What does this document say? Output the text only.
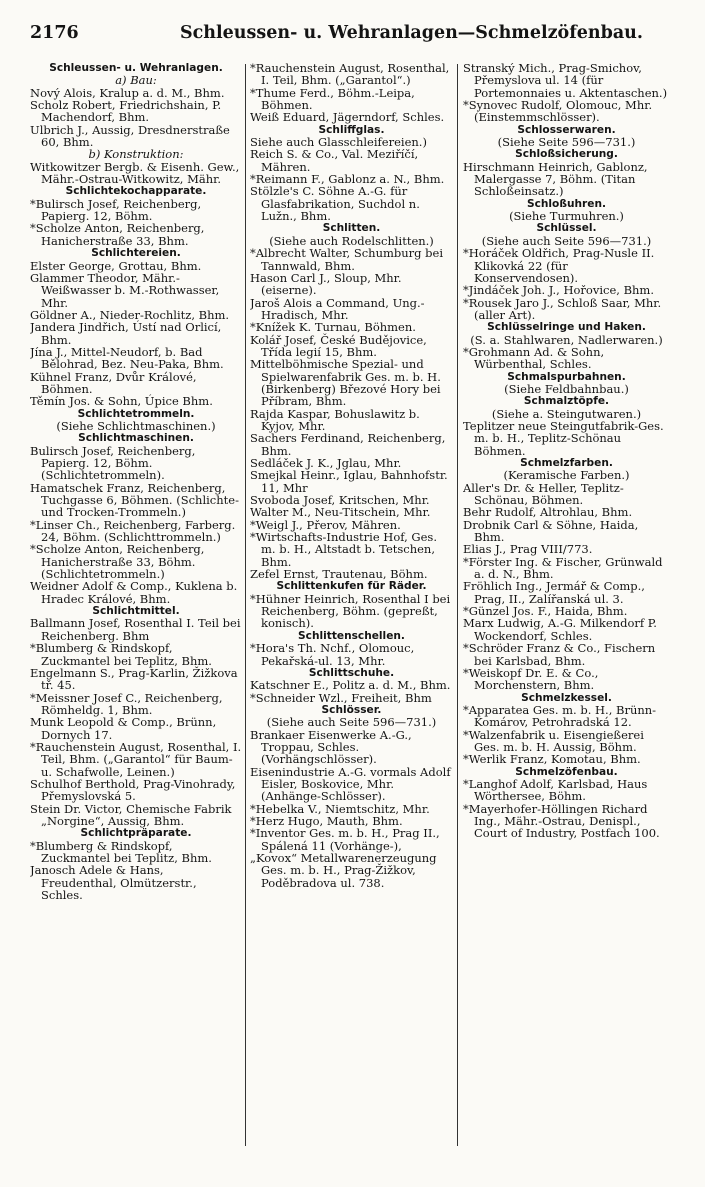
2176	Schleussen- u. Wehranlagen—Schmelzöfenbau.
Schleussen- u. Wehranlagen.
a) Bau:
Nový Alois, Kralup a. d. M., Bhm.
Scholz Robert, Friedrichshain, P. Machendorf, Bhm.
Ulbrich J., Aussig, Dresdnerstraße 60, Bhm.
b) Konstruktion:
Witkowitzer Bergb. & Eisenh. Gew., Mähr.-Ostrau-Witkowitz, Mähr.
Schlichtekochapparate.
*Bulirsch Josef, Reichenberg, Papierg. 12, Böhm.
*Scholze Anton, Reichenberg, Hanicherstraße 33, Bhm.
Schlichtereien.
Elster George, Grottau, Bhm.
Glammer Theodor, Mähr.-Weißwasser b. M.-Rothwasser, Mhr.
Göldner A., Nieder-Rochlitz, Bhm.
Jandera Jindřich, Ústí nad Orlicí, Bhm.
Jína J., Mittel-Neudorf, b. Bad Bělohrad, Bez. Neu-Paka, Bhm.
Kühnel Franz, Dvůr Králové, Böhmen.
Těmín Jos. & Sohn, Úpice Bhm.
Schlichtetrommeln.
(Siehe Schlichtmaschinen.)
Schlichtmaschinen.
Bulirsch Josef, Reichenberg, Papierg. 12, Böhm. (Schlichtetrommeln).
Hamatschek Franz, Reichenberg, Tuchgasse 6, Böhmen. (Schlichte- und Trocken-Trommeln.)
*Linser Ch., Reichenberg, Farberg. 24, Böhm. (Schlichttrommeln.)
*Scholze Anton, Reichenberg, Hanicherstraße 33, Böhm. (Schlichtetrommeln.)
Weidner Adolf & Comp., Kuklena b. Hradec Králové, Bhm.
Schlichtmittel.
Ballmann Josef, Rosenthal I. Teil bei Reichenberg. Bhm
*Blumberg & Rindskopf, Zuckmantel bei Teplitz, Bhm.
Engelmann S., Prag-Karlin, Žižkova tř. 45.
*Meissner Josef C., Reichenberg, Römheldg. 1, Bhm.
Munk Leopold & Comp., Brünn, Dornych 17.
*Rauchenstein August, Rosenthal, I. Teil, Bhm. („Garantol“ für Baum- u. Schafwolle, Leinen.)
Schulhof Berthold, Prag-Vinohrady, Přemyslovská 5.
Stein Dr. Victor, Chemische Fabrik „Norgine“, Aussig, Bhm.
Schlichtpräparate.
*Blumberg & Rindskopf, Zuckmantel bei Teplitz, Bhm.
Janosch Adele & Hans, Freudenthal, Olmützerstr., Schles.
*Rauchenstein August, Rosenthal, I. Teil, Bhm. („Garantol“.)
*Thume Ferd., Böhm.-Leipa, Böhmen.
Weiß Eduard, Jägerndorf, Schles.
Schliffglas.
Siehe auch Glasschleifereien.)
Reich S. & Co., Val. Meziříčí, Mähren.
*Reimann F., Gablonz a. N., Bhm.
Stölzle's C. Söhne A.-G. für Glasfabrikation, Suchdol n. Lužn., Bhm.
Schlitten.
(Siehe auch Rodelschlitten.)
*Albrecht Walter, Schumburg bei Tannwald, Bhm.
Hason Carl J., Sloup, Mhr. (eiserne).
Jaroš Alois a Command, Ung.-Hradisch, Mhr.
*Knížek K. Turnau, Böhmen.
Kolář Josef, České Budějovice, Třída legií 15, Bhm.
Mittelböhmische Spezial- und Spielwarenfabrik Ges. m. b. H. (Birkenberg) Březové Hory bei Příbram, Bhm.
Rajda Kaspar, Bohuslawitz b. Kyjov, Mhr.
Sachers Ferdinand, Reichenberg, Bhm.
Sedláček J. K., Jglau, Mhr.
Smejkal Heinr., Iglau, Bahnhofstr. 11, Mhr
Svoboda Josef, Kritschen, Mhr.
Walter M., Neu-Titschein, Mhr.
*Weigl J., Přerov, Mähren.
*Wirtschafts-Industrie Hof, Ges. m. b. H., Altstadt b. Tetschen, Bhm.
Zefel Ernst, Trautenau, Böhm.
Schlittenkufen für Räder.
*Hühner Heinrich, Rosenthal I bei Reichenberg, Böhm. (gepreßt, konisch).
Schlittenschellen.
*Hora's Th. Nchf., Olomouc, Pekařská-ul. 13, Mhr.
Schlittschuhe.
Katschner E., Politz a. d. M., Bhm.
*Schneider Wzl., Freiheit, Bhm
Schlösser.
(Siehe auch Seite 596—731.)
Brankaer Eisenwerke A.-G., Troppau, Schles. (Vorhängschlösser).
Eisenindustrie A.-G. vormals Adolf Eisler, Boskovice, Mhr. (Anhänge-Schlösser).
*Hebelka V., Niemtschitz, Mhr.
*Herz Hugo, Mauth, Bhm.
*Inventor Ges. m. b. H., Prag II., Spálená 11 (Vorhänge-),
„Kovox“ Metallwarenerzeugung Ges. m. b. H., Prag-Žižkov, Poděbradova ul. 738.
Stranský Mich., Prag-Smichov, Přemyslova ul. 14 (für Portemonnaies u. Aktentaschen.)
*Synovec Rudolf, Olomouc, Mhr. (Einstemmschlösser).
Schlosserwaren.
(Siehe Seite 596—731.)
Schloßsicherung.
Hirschmann Heinrich, Gablonz, Malergasse 7, Böhm. (Titan Schloßeinsatz.)
Schloßuhren.
(Siehe Turmuhren.)
Schlüssel.
(Siehe auch Seite 596—731.)
*Horáček Oldřich, Prag-Nusle II. Klikovká 22 (für Konservendosen).
*Jindáček Joh. J., Hořovice, Bhm.
*Rousek Jaro J., Schloß Saar, Mhr. (aller Art).
Schlüsselringe und Haken.
(S. a. Stahlwaren, Nadlerwaren.)
*Grohmann Ad. & Sohn, Würbenthal, Schles.
Schmalspurbahnen.
(Siehe Feldbahnbau.)
Schmalztöpfe.
(Siehe a. Steingutwaren.)
Teplitzer neue Steingutfabrik-Ges. m. b. H., Teplitz-Schönau Böhmen.
Schmelzfarben.
(Keramische Farben.)
Aller's Dr. & Heller, Teplitz-Schönau, Böhmen.
Behr Rudolf, Altrohlau, Bhm.
Drobnik Carl & Söhne, Haida, Bhm.
Elias J., Prag VIII/773.
*Förster Ing. & Fischer, Grünwald a. d. N., Bhm.
Fröhlich Ing., Jermář & Comp., Prag, II., Zalířanská ul. 3.
*Günzel Jos. F., Haida, Bhm.
Marx Ludwig, A.-G. Milkendorf P. Wockendorf, Schles.
*Schröder Franz & Co., Fischern bei Karlsbad, Bhm.
*Weiskopf Dr. E. & Co., Morchenstern, Bhm.
Schmelzkessel.
*Apparatea Ges. m. b. H., Brünn-Komárov, Petrohradská 12.
*Walzenfabrik u. Eisengießerei Ges. m. b. H. Aussig, Böhm.
*Werlik Franz, Komotau, Bhm.
Schmelzöfenbau.
*Langhof Adolf, Karlsbad, Haus Wörthersee, Böhm.
*Mayerhofer-Höllingen Richard Ing., Mähr.-Ostrau, Denispl., Court of Industry, Postfach 100.
